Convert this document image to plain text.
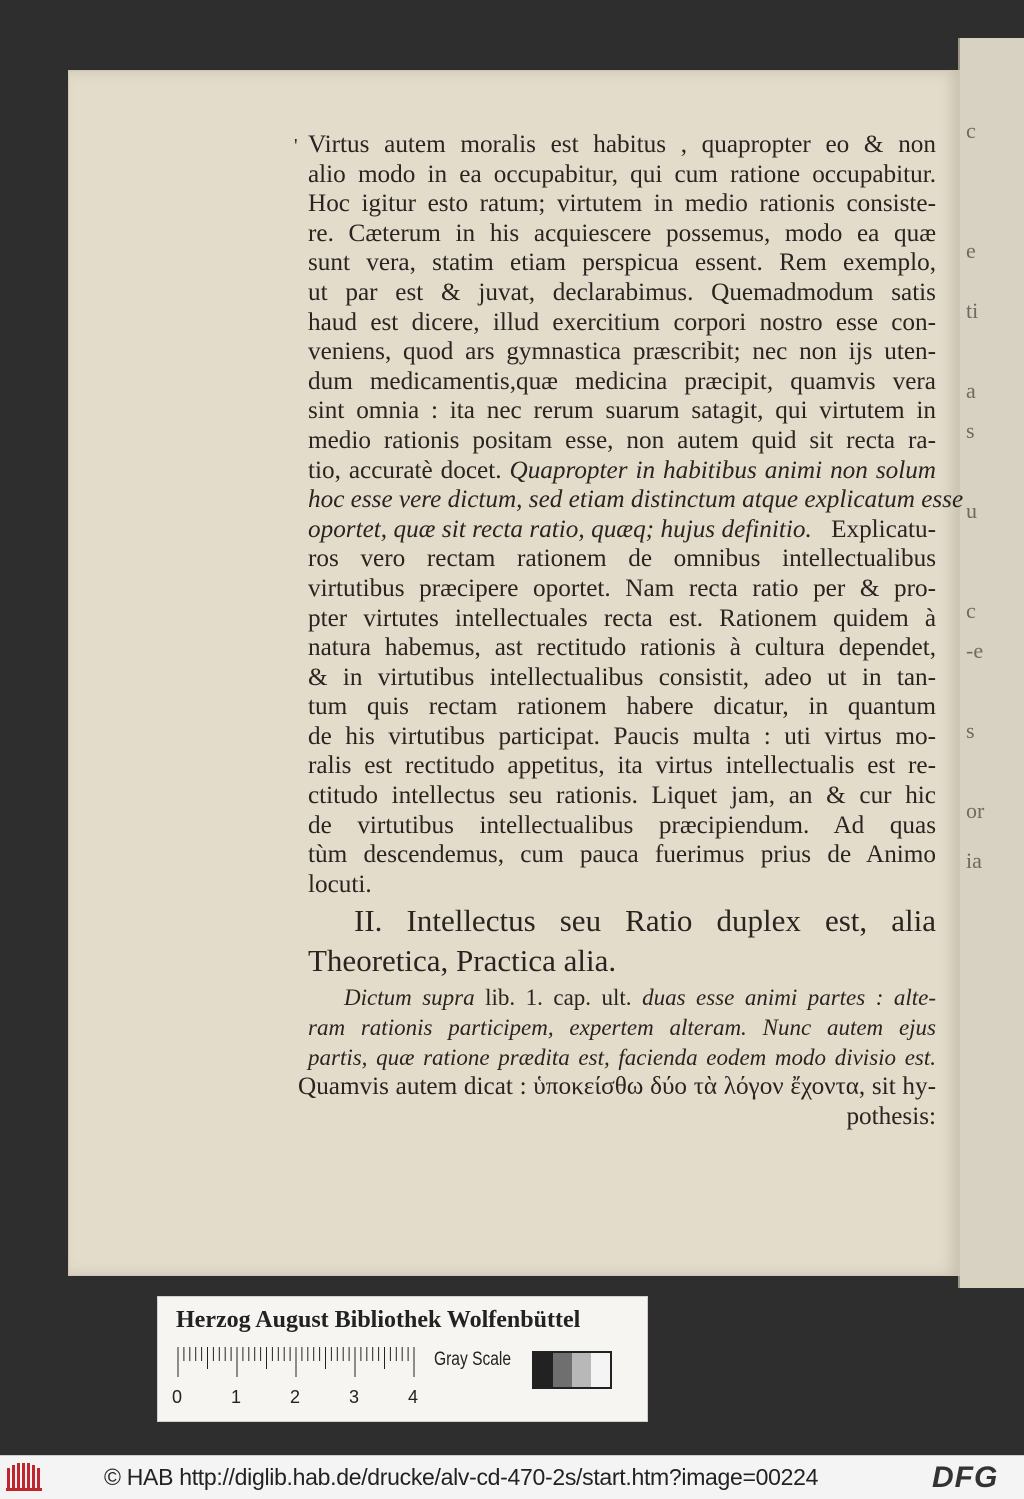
c
e
ti
a
s
u
c
-e
s
or
ia
' Virtus autem moralis est habitus , quapropter eo & non
alio modo in ea occupabitur, qui cum ratione occupabitur.
Hoc igitur esto ratum; virtutem in medio rationis consiste-
re. Cæterum in his acquiescere possemus, modo ea quæ
sunt vera, statim etiam perspicua essent. Rem exemplo,
ut par est & juvat, declarabimus. Quemadmodum satis
haud est dicere, illud exercitium corpori nostro esse con-
veniens, quod ars gymnastica præscribit; nec non ijs uten-
dum medicamentis,quæ medicina præcipit, quamvis vera
sint omnia : ita nec rerum suarum satagit, qui virtutem in
medio rationis positam esse, non autem quid sit recta ra-
tio, accuratè docet. Quapropter in habitibus animi non solum
hoc esse vere dictum, sed etiam distinctum atque explicatum esse
oportet, quæ sit recta ratio, quæq; hujus definitio. Explicatu-
ros vero rectam rationem de omnibus intellectualibus
virtutibus præcipere oportet. Nam recta ratio per & pro-
pter virtutes intellectuales recta est. Rationem quidem à
natura habemus, ast rectitudo rationis à cultura dependet,
& in virtutibus intellectualibus consistit, adeo ut in tan-
tum quis rectam rationem habere dicatur, in quantum
de his virtutibus participat. Paucis multa : uti virtus mo-
ralis est rectitudo appetitus, ita virtus intellectualis est re-
ctitudo intellectus seu rationis. Liquet jam, an & cur hic
de virtutibus intellectualibus præcipiendum. Ad quas
tùm descendemus, cum pauca fuerimus prius de Animo
locuti.
II. Intellectus seu Ratio duplex est, alia
Theoretica, Practica alia.
Dictum supra lib. 1. cap. ult. duas esse animi partes : alte-
ram rationis participem, expertem alteram. Nunc autem ejus
partis, quæ ratione prædita est, facienda eodem modo divisio est.
Quamvis autem dicat : ὑποκείσθω δύο τὰ λόγον ἔχοντα, sit hy-
pothesis:
Herzog August Bibliothek Wolfenbüttel
0	1	2	3	4
Gray Scale
© HAB http://diglib.hab.de/drucke/alv-cd-470-2s/start.htm?image=00224	DFG
